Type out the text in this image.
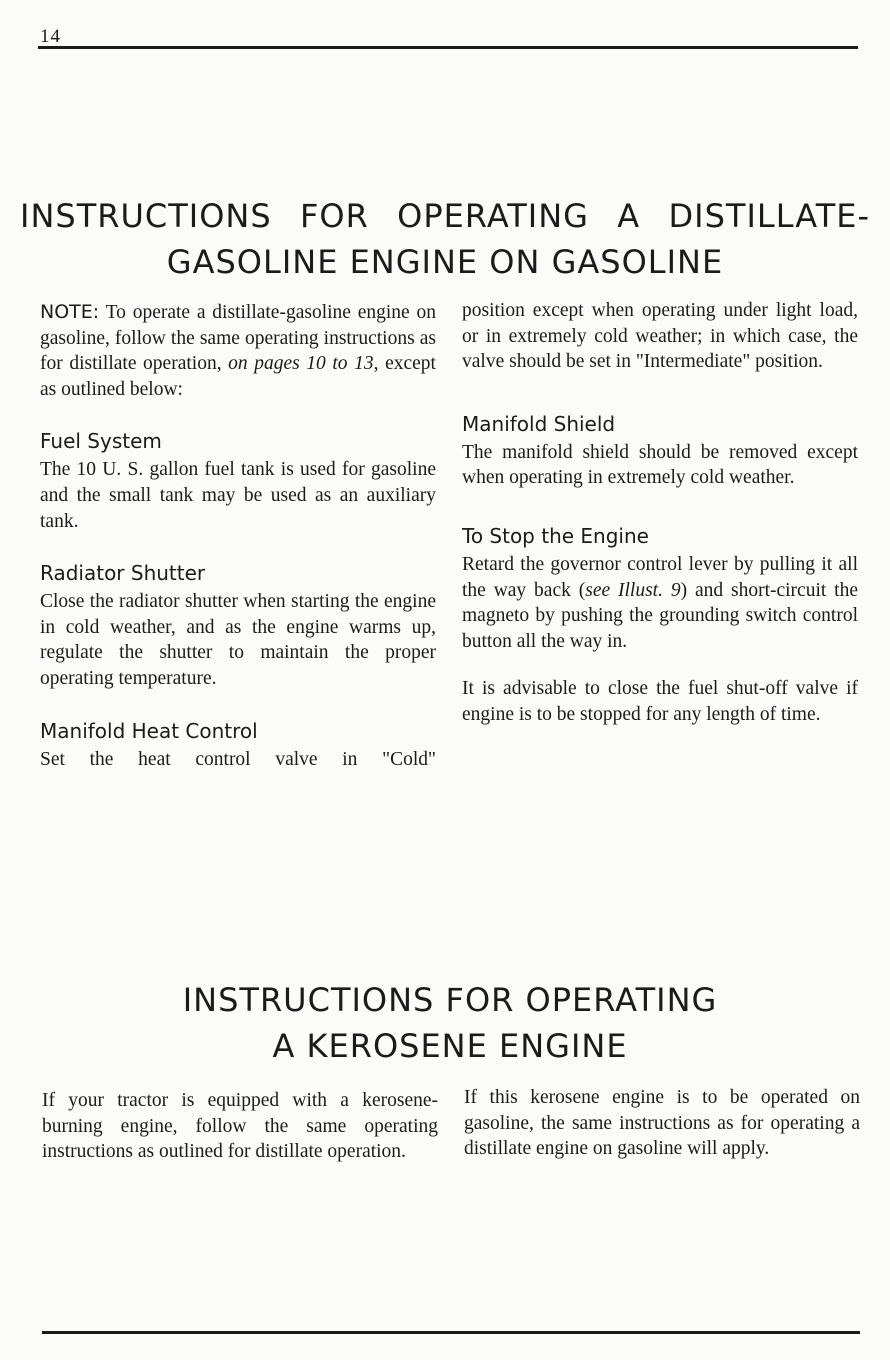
14
INSTRUCTIONS FOR OPERATING A DISTILLATE-
GASOLINE ENGINE ON GASOLINE

NOTE: To operate a distillate-gasoline engine on gasoline, follow the same operating instructions as for distillate operation, on pages 10 to 13, except as outlined below:

Fuel System

The 10 U. S. gallon fuel tank is used for gasoline and the small tank may be used as an auxiliary tank.

Radiator Shutter

Close the radiator shutter when starting the engine in cold weather, and as the engine warms up, regulate the shutter to maintain the proper operating temperature.

Manifold Heat Control

Set the heat control valve in "Cold"

position except when operating under light load, or in extremely cold weather; in which case, the valve should be set in "Intermediate" position.

Manifold Shield

The manifold shield should be removed except when operating in extremely cold weather.

To Stop the Engine

Retard the governor control lever by pulling it all the way back (see Illust. 9) and short-circuit the magneto by pushing the grounding switch control button all the way in.

It is advisable to close the fuel shut-off valve if engine is to be stopped for any length of time.

INSTRUCTIONS FOR OPERATING
A KEROSENE ENGINE

If your tractor is equipped with a kerosene-burning engine, follow the same operating instructions as outlined for distillate operation.

If this kerosene engine is to be operated on gasoline, the same instructions as for operating a distillate engine on gasoline will apply.
